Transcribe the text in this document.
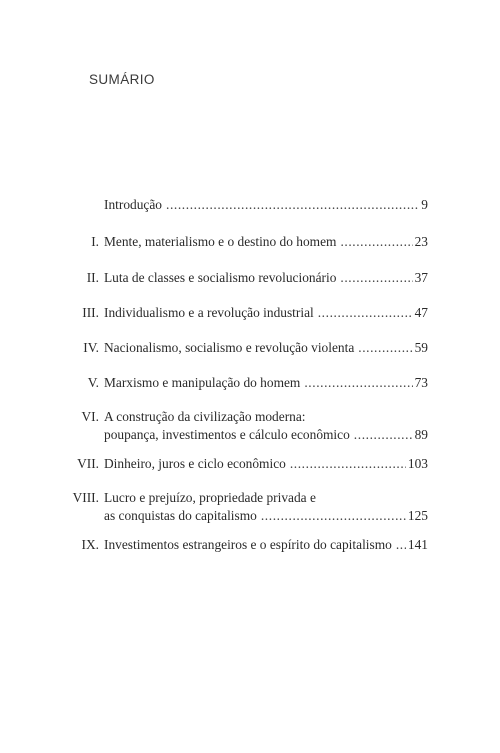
SUMÁRIO
Introdução .....	9
I. Mente, materialismo e o destino do homem .....	23
II. Luta de classes e socialismo revolucionário .....	37
III. Individualismo e a revolução industrial .....	47
IV. Nacionalismo, socialismo e revolução violenta .....	59
V. Marxismo e manipulação do homem .....	73
VI. A construção da civilização moderna:
poupança, investimentos e cálculo econômico .....	89
VII. Dinheiro, juros e ciclo econômico .....	103
VIII. Lucro e prejuízo, propriedade privada e
as conquistas do capitalismo .....	125
IX. Investimentos estrangeiros e o espírito do capitalismo ..... 141
